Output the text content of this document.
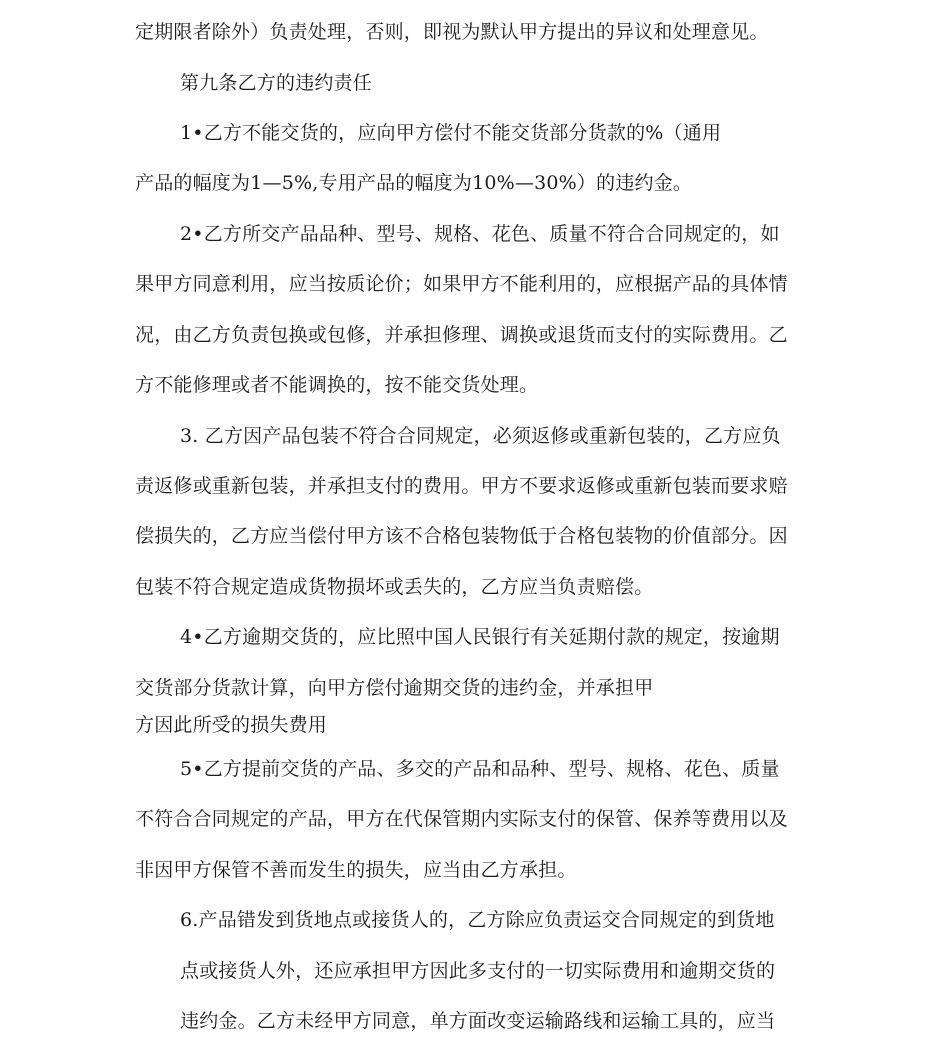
定期限者除外）负责处理，否则，即视为默认甲方提出的异议和处理意见。
第九条乙方的违约责任
1•乙方不能交货的，应向甲方偿付不能交货部分货款的%（通用
产品的幅度为1—5%,专用产品的幅度为10%—30%）的违约金。
2•乙方所交产品品种、型号、规格、花色、质量不符合合同规定的，如
果甲方同意利用，应当按质论价；如果甲方不能利用的，应根据产品的具体情
况，由乙方负责包换或包修，并承担修理、调换或退货而支付的实际费用。乙
方不能修理或者不能调换的，按不能交货处理。
3. 乙方因产品包装不符合合同规定，必须返修或重新包装的，乙方应负
责返修或重新包装，并承担支付的费用。甲方不要求返修或重新包装而要求赔
偿损失的，乙方应当偿付甲方该不合格包装物低于合格包装物的价值部分。因
包装不符合规定造成货物损坏或丢失的，乙方应当负责赔偿。
4•乙方逾期交货的，应比照中国人民银行有关延期付款的规定，按逾期
交货部分货款计算，向甲方偿付逾期交货的违约金，并承担甲
方因此所受的损失费用
5•乙方提前交货的产品、多交的产品和品种、型号、规格、花色、质量
不符合合同规定的产品，甲方在代保管期内实际支付的保管、保养等费用以及
非因甲方保管不善而发生的损失，应当由乙方承担。
6.产品错发到货地点或接货人的，乙方除应负责运交合同规定的到货地
点或接货人外，还应承担甲方因此多支付的一切实际费用和逾期交货的
违约金。乙方未经甲方同意，单方面改变运输路线和运输工具的，应当
